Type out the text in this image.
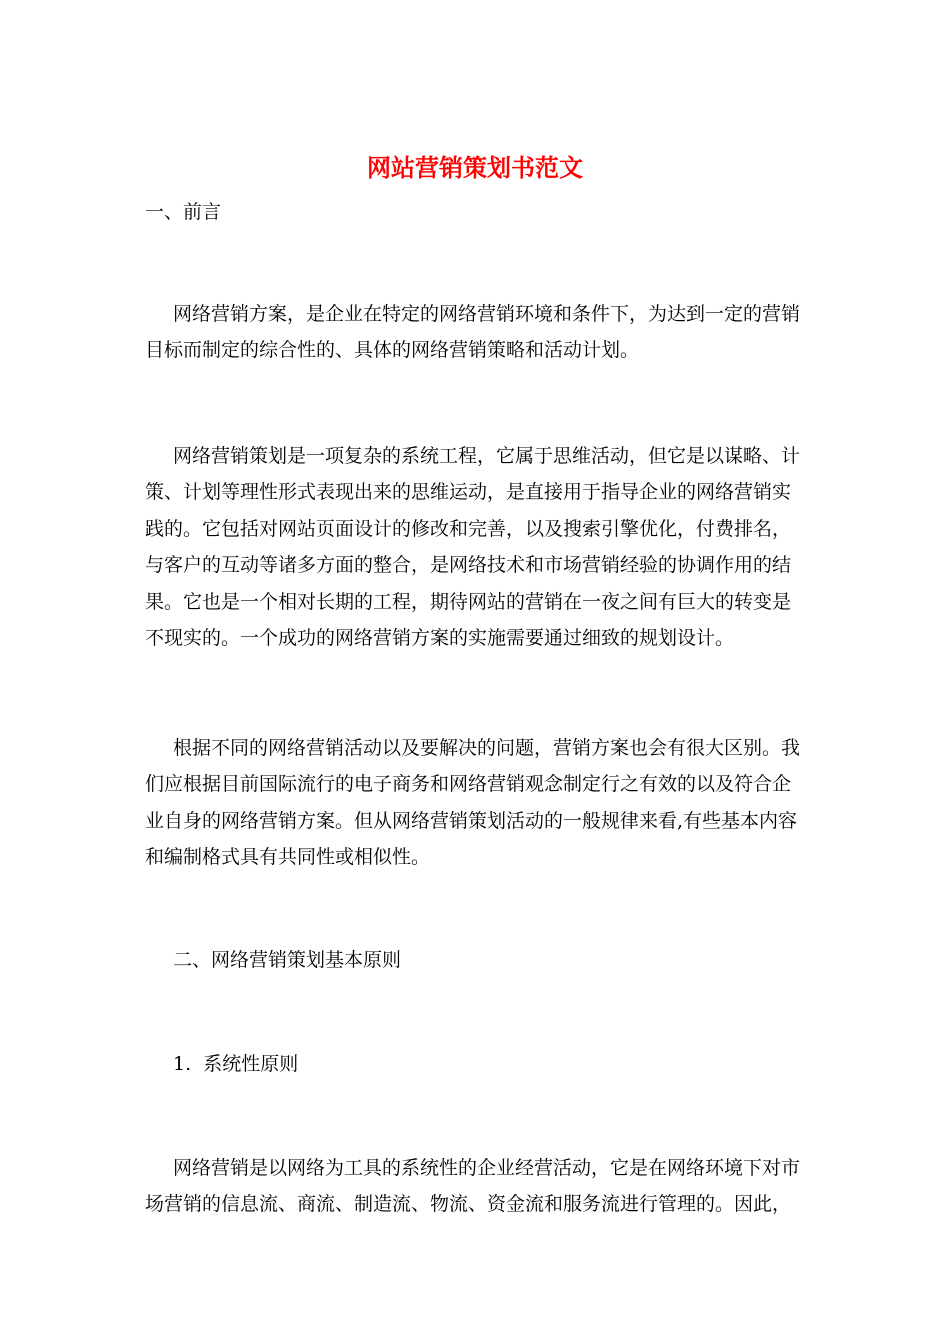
网站营销策划书范文
一、前言
网络营销方案，是企业在特定的网络营销环境和条件下，为达到一定的营销
目标而制定的综合性的、具体的网络营销策略和活动计划。
网络营销策划是一项复杂的系统工程，它属于思维活动，但它是以谋略、计
策、计划等理性形式表现出来的思维运动，是直接用于指导企业的网络营销实
践的。它包括对网站页面设计的修改和完善，以及搜索引擎优化，付费排名，
与客户的互动等诸多方面的整合，是网络技术和市场营销经验的协调作用的结
果。它也是一个相对长期的工程，期待网站的营销在一夜之间有巨大的转变是
不现实的。一个成功的网络营销方案的实施需要通过细致的规划设计。
根据不同的网络营销活动以及要解决的问题，营销方案也会有很大区别。我
们应根据目前国际流行的电子商务和网络营销观念制定行之有效的以及符合企
业自身的网络营销方案。但从网络营销策划活动的一般规律来看,有些基本内容
和编制格式具有共同性或相似性。
二、网络营销策划基本原则
1.  系统性原则
网络营销是以网络为工具的系统性的企业经营活动，它是在网络环境下对市
场营销的信息流、商流、制造流、物流、资金流和服务流进行管理的。因此，
